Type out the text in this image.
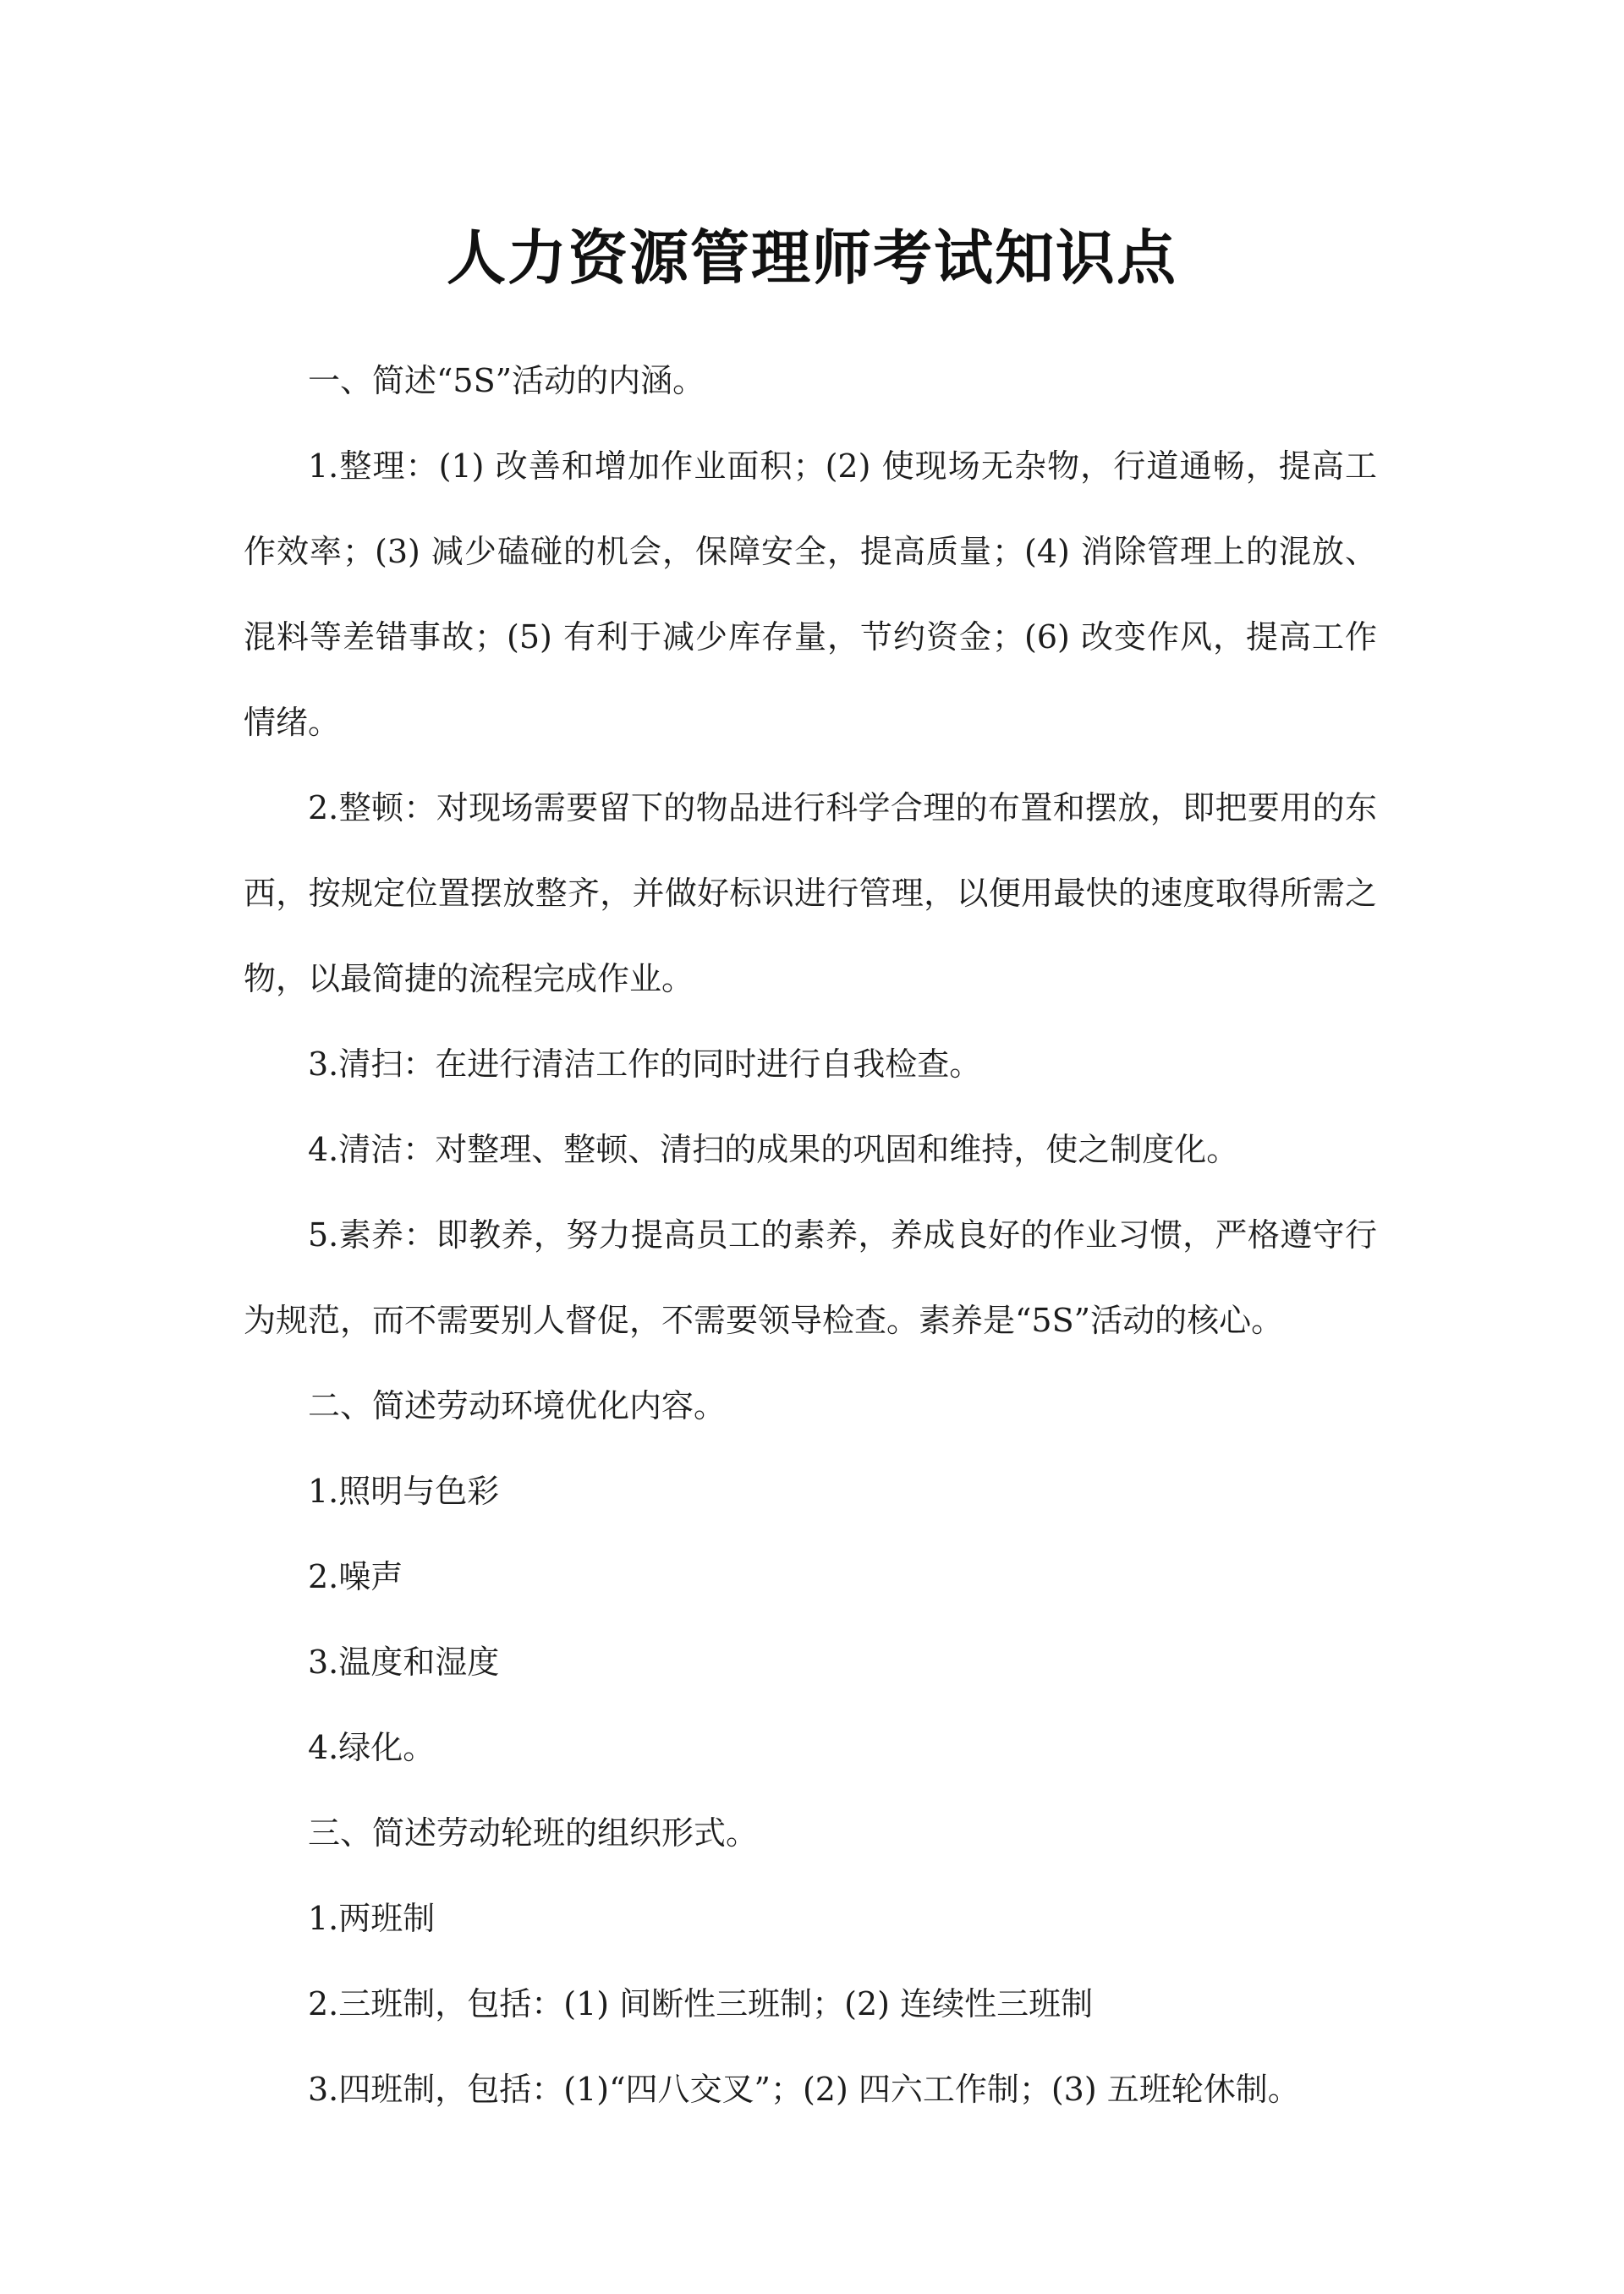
人力资源管理师考试知识点

一、简述“5S”活动的内涵。

1.整理：(1) 改善和增加作业面积；(2) 使现场无杂物，行道通畅，提高工作效率；(3) 减少磕碰的机会，保障安全，提高质量；(4) 消除管理上的混放、混料等差错事故；(5) 有利于减少库存量，节约资金；(6) 改变作风，提高工作情绪。

2.整顿：对现场需要留下的物品进行科学合理的布置和摆放，即把要用的东西，按规定位置摆放整齐，并做好标识进行管理，以便用最快的速度取得所需之物，以最简捷的流程完成作业。

3.清扫：在进行清洁工作的同时进行自我检查。

4.清洁：对整理、整顿、清扫的成果的巩固和维持，使之制度化。

5.素养：即教养，努力提高员工的素养，养成良好的作业习惯，严格遵守行为规范，而不需要别人督促，不需要领导检查。素养是“5S”活动的核心。

二、简述劳动环境优化内容。

1.照明与色彩

2.噪声

3.温度和湿度

4.绿化。

三、简述劳动轮班的组织形式。

1.两班制

2.三班制，包括：(1) 间断性三班制；(2) 连续性三班制

3.四班制，包括：(1)“四八交叉”；(2) 四六工作制；(3) 五班轮休制。
